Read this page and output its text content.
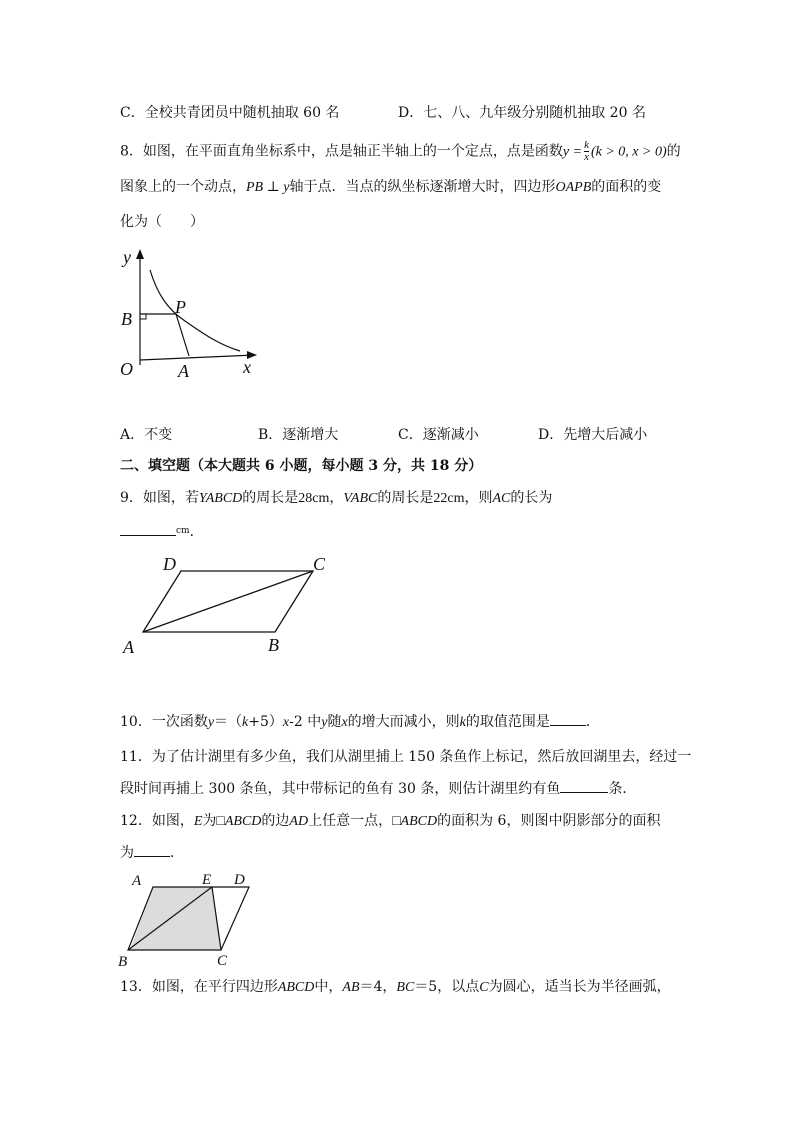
C．全校共青团员中随机抽取 60 名	D．七、八、九年级分别随机抽取 20 名
8．如图，在平面直角坐标系中，点是轴正半轴上的一个定点，点是函数$y = \frac{k}{x} (k > 0$, x > 0)的
图象上的一个动点，PB ⊥ y轴于点．当点的纵坐标逐渐增大时，四边形OAPB的面积的变
化为（　　）
y
x
B
P
O	A
A．不变	B．逐渐增大	C．逐渐减小	D．先增大后减小
二、填空题（本大题共 6 小题，每小题 3 分，共 18 分）
9．如图，若YABCD的周长是28cm，VABC的周长是22cm，则AC的长为
$^{cm}$．
D	C
A	B
10．一次函数y＝（k+5）x-2 中y随x的增大而减小，则k的取值范围是	．
11．为了估计湖里有多少鱼，我们从湖里捕上 150 条鱼作上标记，然后放回湖里去，经过一
段时间再捕上 300 条鱼，其中带标记的鱼有 30 条，则估计湖里约有鱼	条．
12．如图，E为□ABCD的边AD上任意一点，□ABCD的面积为 6，则图中阴影部分的面积
为	．
A	E D
B	C
13．如图，在平行四边形ABCD中，AB＝4，BC＝5，以点C为圆心，适当长为半径画弧，
